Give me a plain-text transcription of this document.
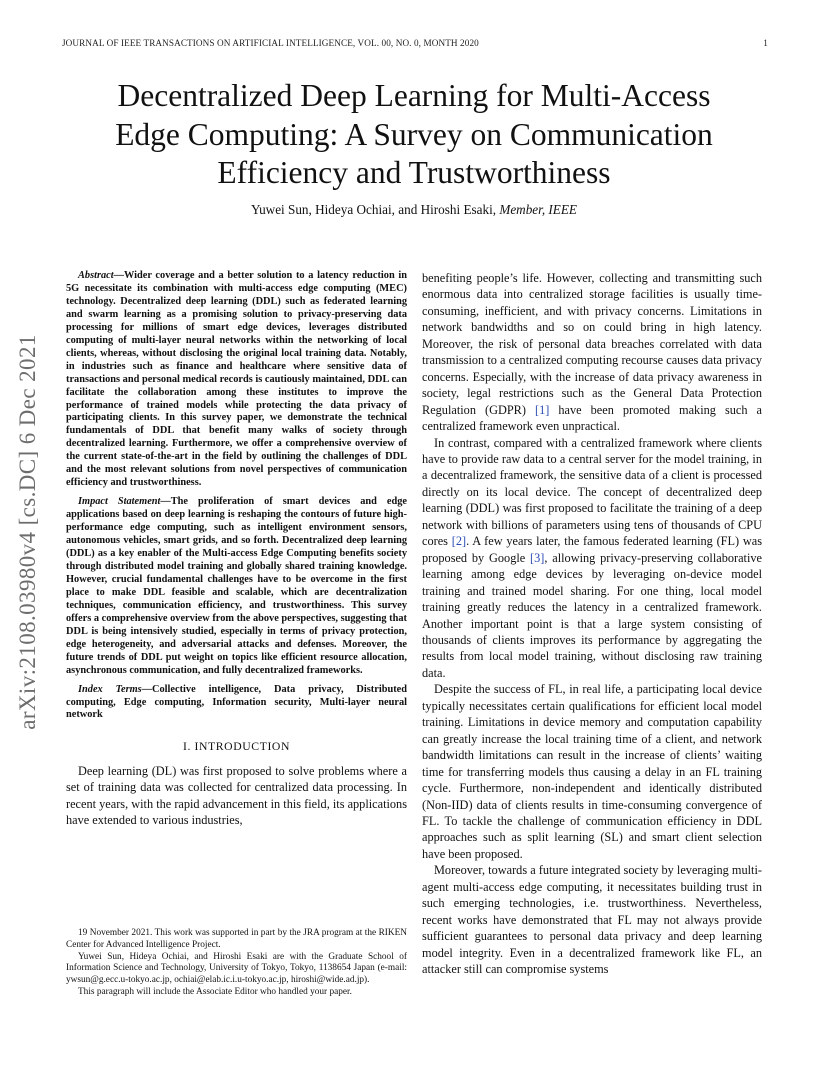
JOURNAL OF IEEE TRANSACTIONS ON ARTIFICIAL INTELLIGENCE, VOL. 00, NO. 0, MONTH 2020	1
arXiv:2108.03980v4 [cs.DC] 6 Dec 2021
Decentralized Deep Learning for Multi-Access
Edge Computing: A Survey on Communication
Efficiency and Trustworthiness
Yuwei Sun, Hideya Ochiai, and Hiroshi Esaki, Member, IEEE

Abstract—Wider coverage and a better solution to a latency reduction in 5G necessitate its combination with multi-access edge computing (MEC) technology. Decentralized deep learning (DDL) such as federated learning and swarm learning as a promising solution to privacy-preserving data processing for millions of smart edge devices, leverages distributed computing of multi-layer neural networks within the networking of local clients, whereas, without disclosing the original local training data. Notably, in industries such as finance and healthcare where sensitive data of transactions and personal medical records is cautiously maintained, DDL can facilitate the collaboration among these institutes to improve the performance of trained models while protecting the data privacy of participating clients. In this survey paper, we demonstrate the technical fundamentals of DDL that benefit many walks of society through decentralized learning. Furthermore, we offer a comprehensive overview of the current state-of-the-art in the field by outlining the challenges of DDL and the most relevant solutions from novel perspectives of communication efficiency and trustworthiness.

Impact Statement—The proliferation of smart devices and edge applications based on deep learning is reshaping the contours of future high-performance edge computing, such as intelligent environment sensors, autonomous vehicles, smart grids, and so forth. Decentralized deep learning (DDL) as a key enabler of the Multi-access Edge Computing benefits society through distributed model training and globally shared training knowledge. However, crucial fundamental challenges have to be overcome in the first place to make DDL feasible and scalable, which are decentralization techniques, communication efficiency, and trustworthiness. This survey offers a comprehensive overview from the above perspectives, suggesting that DDL is being intensively studied, especially in terms of privacy protection, edge heterogeneity, and adversarial attacks and defenses. Moreover, the future trends of DDL put weight on topics like efficient resource allocation, asynchronous communication, and fully decentralized frameworks.

Index Terms—Collective intelligence, Data privacy, Distributed computing, Edge computing, Information security, Multi-layer neural network

I. INTRODUCTION

Deep learning (DL) was first proposed to solve problems where a set of training data was collected for centralized data processing. In recent years, with the rapid advancement in this field, its applications have extended to various industries,

19 November 2021. This work was supported in part by the JRA program at the RIKEN Center for Advanced Intelligence Project.

Yuwei Sun, Hideya Ochiai, and Hiroshi Esaki are with the Graduate School of Information Science and Technology, University of Tokyo, Tokyo, 1138654 Japan (e-mail: ywsun@g.ecc.u-tokyo.ac.jp, ochiai@elab.ic.i.u-tokyo.ac.jp, hiroshi@wide.ad.jp).

This paragraph will include the Associate Editor who handled your paper.

benefiting people’s life. However, collecting and transmitting such enormous data into centralized storage facilities is usually time-consuming, inefficient, and with privacy concerns. Limitations in network bandwidths and so on could bring in high latency. Moreover, the risk of personal data breaches correlated with data transmission to a centralized computing recourse causes data privacy concerns. Especially, with the increase of data privacy awareness in society, legal restrictions such as the General Data Protection Regulation (GDPR) [1] have been promoted making such a centralized framework even unpractical.

In contrast, compared with a centralized framework where clients have to provide raw data to a central server for the model training, in a decentralized framework, the sensitive data of a client is processed directly on its local device. The concept of decentralized deep learning (DDL) was first proposed to facilitate the training of a deep network with billions of parameters using tens of thousands of CPU cores [2]. A few years later, the famous federated learning (FL) was proposed by Google [3], allowing privacy-preserving collaborative learning among edge devices by leveraging on-device model training and trained model sharing. For one thing, local model training greatly reduces the latency in a centralized framework. Another important point is that a large system consisting of thousands of clients improves its performance by aggregating the results from local model training, without disclosing raw training data.

Despite the success of FL, in real life, a participating local device typically necessitates certain qualifications for efficient local model training. Limitations in device memory and computation capability can greatly increase the local training time of a client, and network bandwidth limitations can result in the increase of clients’ waiting time for transferring models thus causing a delay in an FL training cycle. Furthermore, non-independent and identically distributed (Non-IID) data of clients results in time-consuming convergence of FL. To tackle the challenge of communication efficiency in DDL approaches such as split learning (SL) and smart client selection have been proposed.

Moreover, towards a future integrated society by leveraging multi-agent multi-access edge computing, it necessitates building trust in such emerging technologies, i.e. trustworthiness. Nevertheless, recent works have demonstrated that FL may not always provide sufficient guarantees to personal data privacy and deep learning model integrity. Even in a decentralized framework like FL, an attacker still can compromise systems
